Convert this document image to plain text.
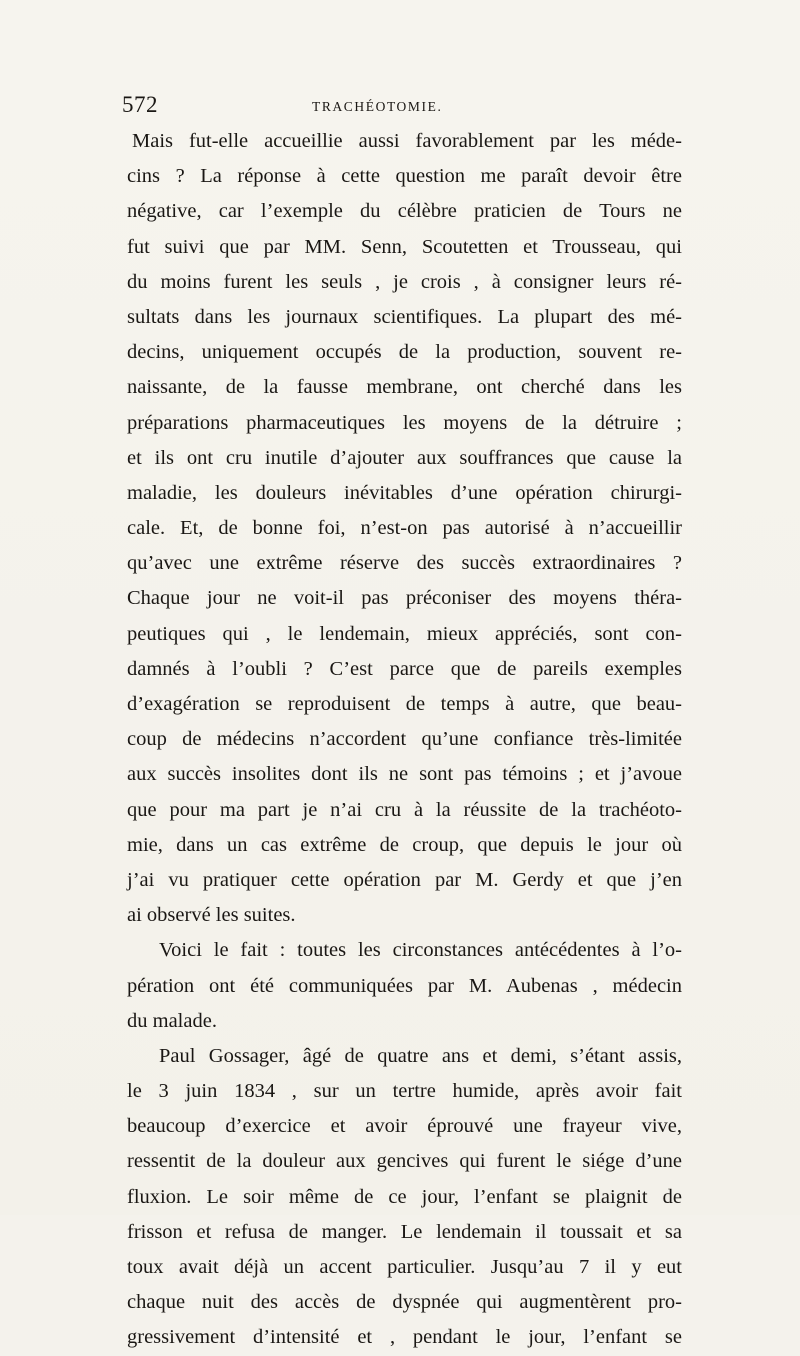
572	TRACHÉOTOMIE.
Mais fut-elle accueillie aussi favorablement par les méde-
cins ? La réponse à cette question me paraît devoir être
négative, car l’exemple du célèbre praticien de Tours ne
fut suivi que par MM. Senn, Scoutetten et Trousseau, qui
du moins furent les seuls , je crois , à consigner leurs ré-
sultats dans les journaux scientifiques. La plupart des mé-
decins, uniquement occupés de la production, souvent re-
naissante, de la fausse membrane, ont cherché dans les
préparations pharmaceutiques les moyens de la détruire ;
et ils ont cru inutile d’ajouter aux souffrances que cause la
maladie, les douleurs inévitables d’une opération chirurgi-
cale. Et, de bonne foi, n’est-on pas autorisé à n’accueillir
qu’avec une extrême réserve des succès extraordinaires ?
Chaque jour ne voit-il pas préconiser des moyens théra-
peutiques qui , le lendemain, mieux appréciés, sont con-
damnés à l’oubli ? C’est parce que de pareils exemples
d’exagération se reproduisent de temps à autre, que beau-
coup de médecins n’accordent qu’une confiance très-limitée
aux succès insolites dont ils ne sont pas témoins ; et j’avoue
que pour ma part je n’ai cru à la réussite de la trachéoto-
mie, dans un cas extrême de croup, que depuis le jour où
j’ai vu pratiquer cette opération par M. Gerdy et que j’en
ai observé les suites.
Voici le fait : toutes les circonstances antécédentes à l’o-
pération ont été communiquées par M. Aubenas , médecin
du malade.
Paul Gossager, âgé de quatre ans et demi, s’étant assis,
le 3 juin 1834 , sur un tertre humide, après avoir fait
beaucoup d’exercice et avoir éprouvé une frayeur vive,
ressentit de la douleur aux gencives qui furent le siége d’une
fluxion. Le soir même de ce jour, l’enfant se plaignit de
frisson et refusa de manger. Le lendemain il toussait et sa
toux avait déjà un accent particulier. Jusqu’au 7 il y eut
chaque nuit des accès de dyspnée qui augmentèrent pro-
gressivement d’intensité et , pendant le jour, l’enfant se
